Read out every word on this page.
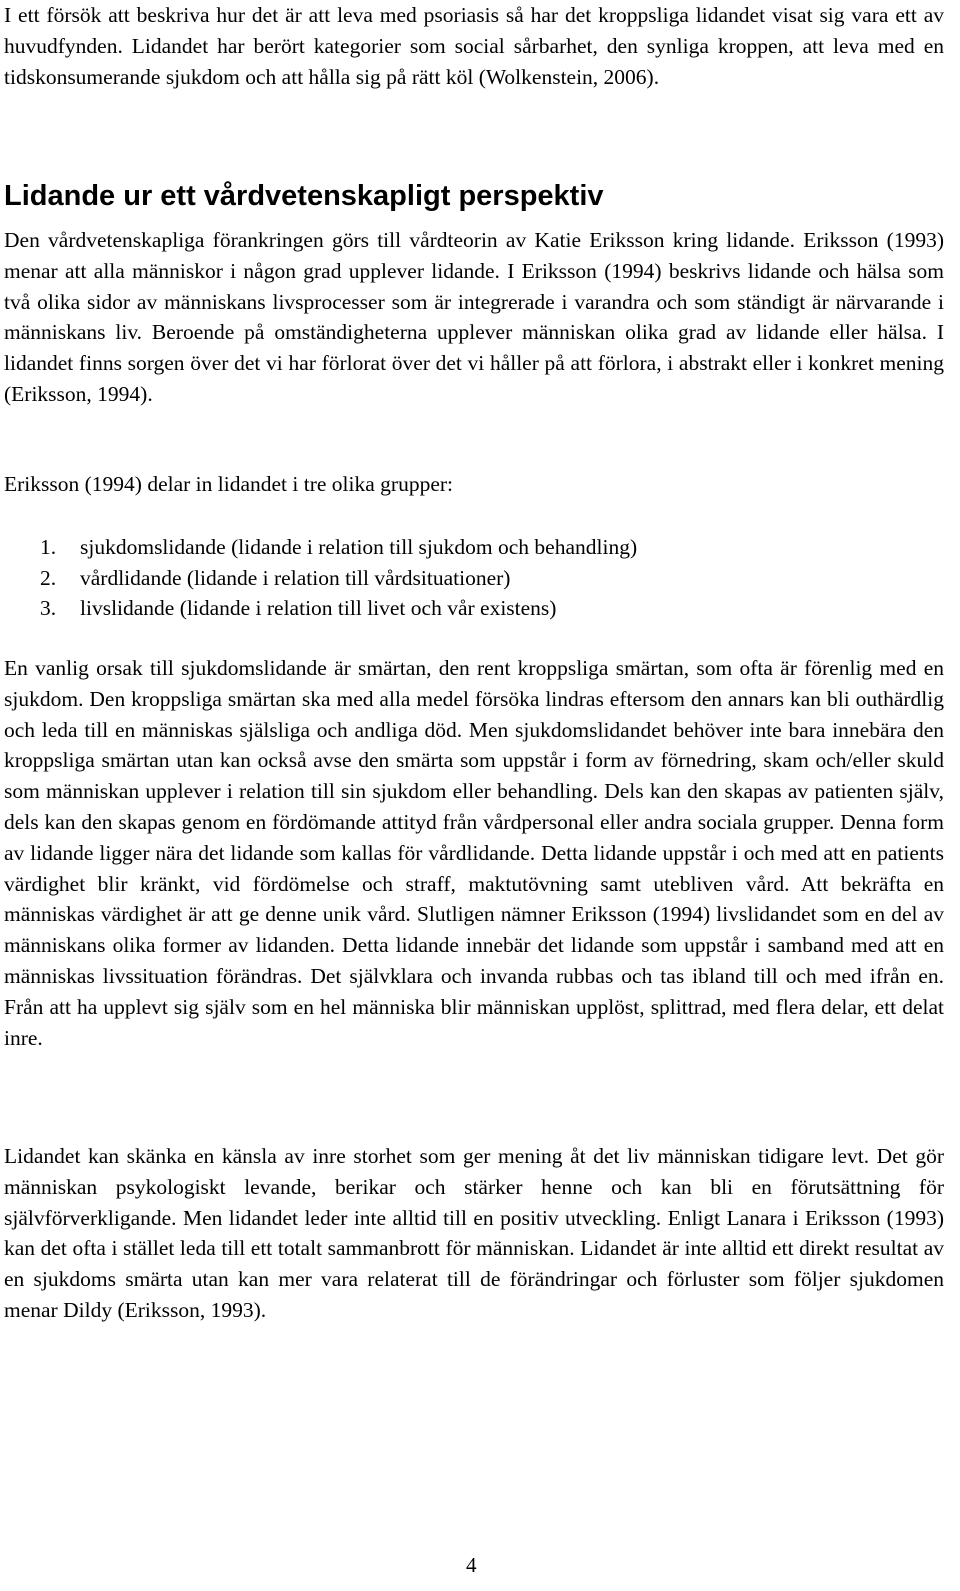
I ett försök att beskriva hur det är att leva med psoriasis så har det kroppsliga lidandet visat sig vara ett av huvudfynden. Lidandet har berört kategorier som social sårbarhet, den synliga kroppen, att leva med en tidskonsumerande sjukdom och att hålla sig på rätt köl (Wolkenstein, 2006).

Lidande ur ett vårdvetenskapligt perspektiv

Den vårdvetenskapliga förankringen görs till vårdteorin av Katie Eriksson kring lidande. Eriksson (1993) menar att alla människor i någon grad upplever lidande. I Eriksson (1994) beskrivs lidande och hälsa som två olika sidor av människans livsprocesser som är integrerade i varandra och som ständigt är närvarande i människans liv. Beroende på omständigheterna upplever människan olika grad av lidande eller hälsa. I lidandet finns sorgen över det vi har förlorat över det vi håller på att förlora, i abstrakt eller i konkret mening (Eriksson, 1994).

Eriksson (1994) delar in lidandet i tre olika grupper:

1.	sjukdomslidande (lidande i relation till sjukdom och behandling)
2.	vårdlidande (lidande i relation till vårdsituationer)
3.	livslidande (lidande i relation till livet och vår existens)

En vanlig orsak till sjukdomslidande är smärtan, den rent kroppsliga smärtan, som ofta är förenlig med en sjukdom. Den kroppsliga smärtan ska med alla medel försöka lindras eftersom den annars kan bli outhärdlig och leda till en människas själsliga och andliga död. Men sjukdomslidandet behöver inte bara innebära den kroppsliga smärtan utan kan också avse den smärta som uppstår i form av förnedring, skam och/eller skuld som människan upplever i relation till sin sjukdom eller behandling. Dels kan den skapas av patienten själv, dels kan den skapas genom en fördömande attityd från vårdpersonal eller andra sociala grupper. Denna form av lidande ligger nära det lidande som kallas för vårdlidande. Detta lidande uppstår i och med att en patients värdighet blir kränkt, vid fördömelse och straff, maktutövning samt utebliven vård. Att bekräfta en människas värdighet är att ge denne unik vård. Slutligen nämner Eriksson (1994) livslidandet som en del av människans olika former av lidanden. Detta lidande innebär det lidande som uppstår i samband med att en människas livssituation förändras. Det självklara och invanda rubbas och tas ibland till och med ifrån en. Från att ha upplevt sig själv som en hel människa blir människan upplöst, splittrad, med flera delar, ett delat inre.

Lidandet kan skänka en känsla av inre storhet som ger mening åt det liv människan tidigare levt. Det gör människan psykologiskt levande, berikar och stärker henne och kan bli en förutsättning för självförverkligande. Men lidandet leder inte alltid till en positiv utveckling. Enligt Lanara i Eriksson (1993) kan det ofta i stället leda till ett totalt sammanbrott för människan. Lidandet är inte alltid ett direkt resultat av en sjukdoms smärta utan kan mer vara relaterat till de förändringar och förluster som följer sjukdomen menar Dildy (Eriksson, 1993).

4
